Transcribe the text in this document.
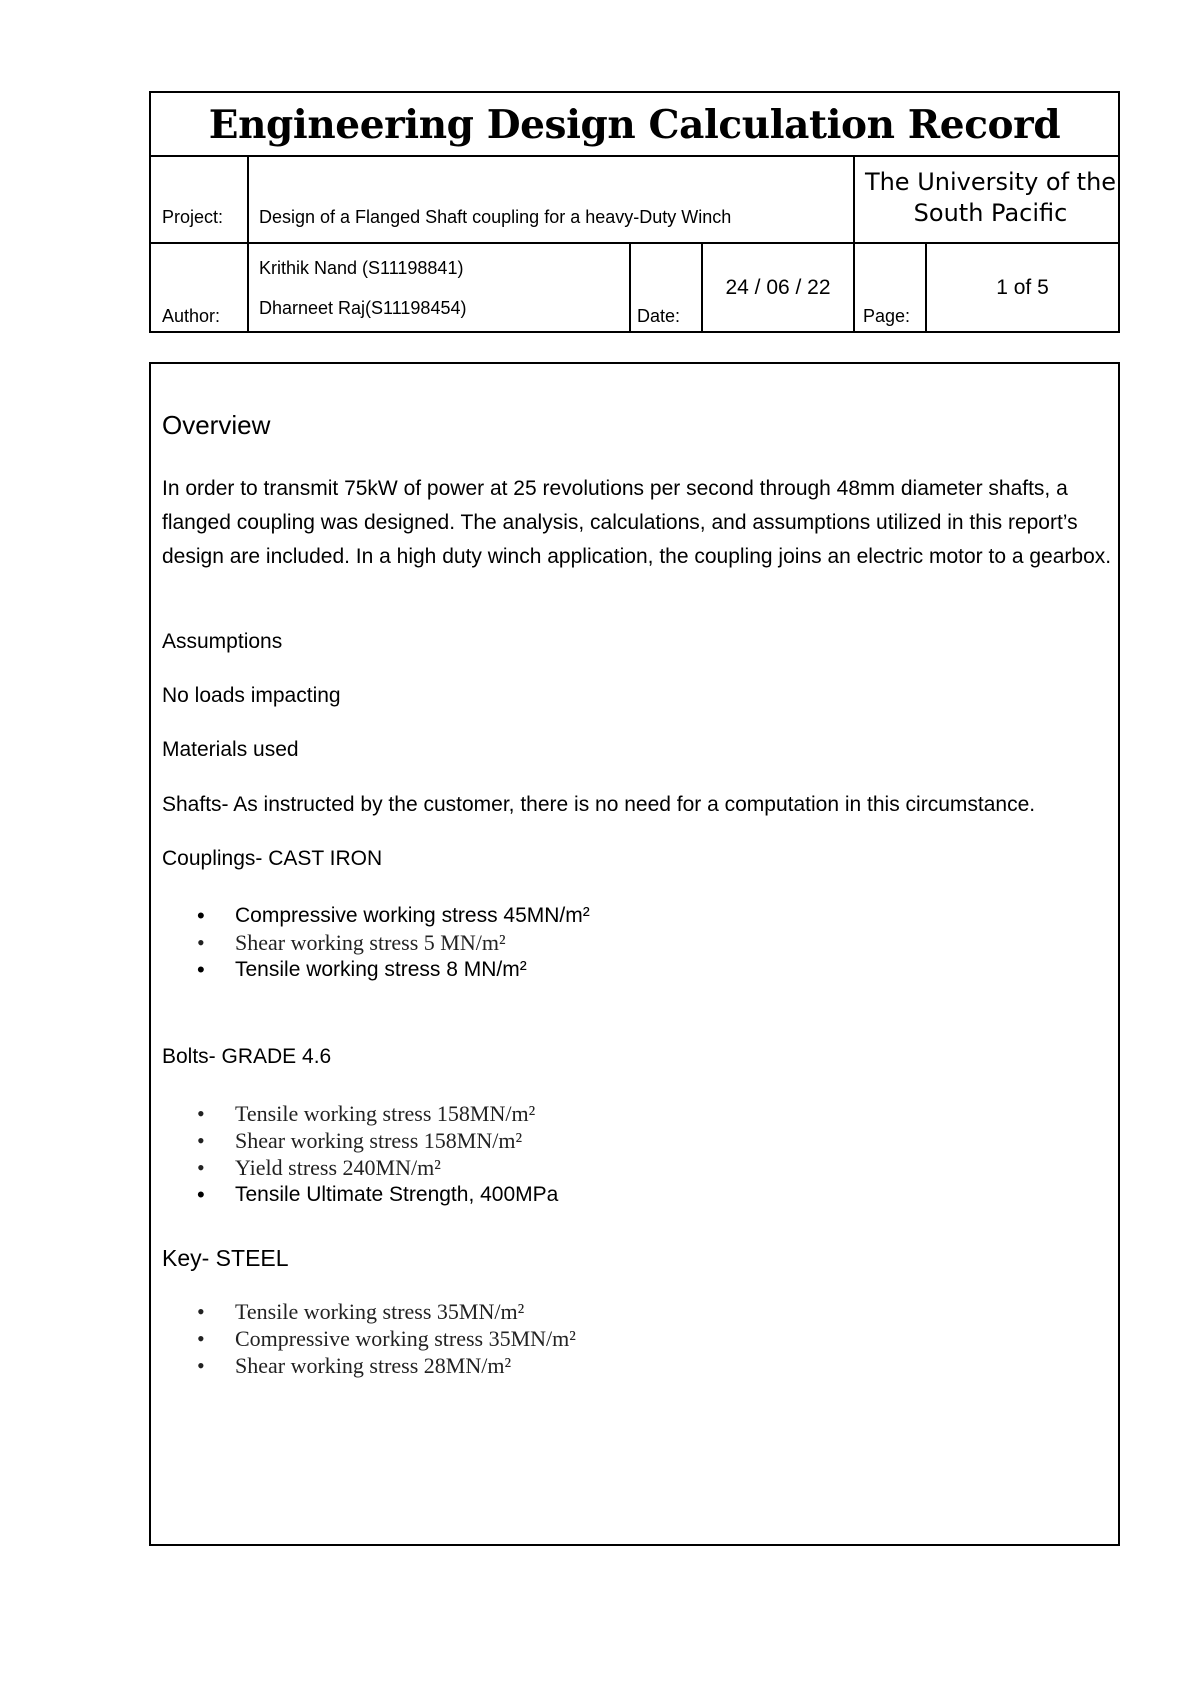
Engineering Design Calculation Record
Project: Design of a Flanged Shaft coupling for a heavy-Duty Winch
The University of the South Pacific
Author:
Krithik Nand (S11198841)
Dharneet Raj(S11198454)	Date:
24 / 06 / 22
Page:
1 of 5
Overview
In order to transmit 75kW of power at 25 revolutions per second through 48mm diameter shafts, a flanged coupling was designed. The analysis, calculations, and assumptions utilized in this report’s design are included. In a high duty winch application, the coupling joins an electric motor to a gearbox.
Assumptions
No loads impacting
Materials used
Shafts- As instructed by the customer, there is no need for a computation in this circumstance.
Couplings- CAST IRON
• Compressive working stress 45MN/m²
• Shear working stress 5 MN/m²
• Tensile working stress 8 MN/m²
Bolts- GRADE 4.6
• Tensile working stress 158MN/m²
• Shear working stress 158MN/m²
• Yield stress 240MN/m²
• Tensile Ultimate Strength, 400MPa
Key- STEEL
• Tensile working stress 35MN/m²
• Compressive working stress 35MN/m²
• Shear working stress 28MN/m²
